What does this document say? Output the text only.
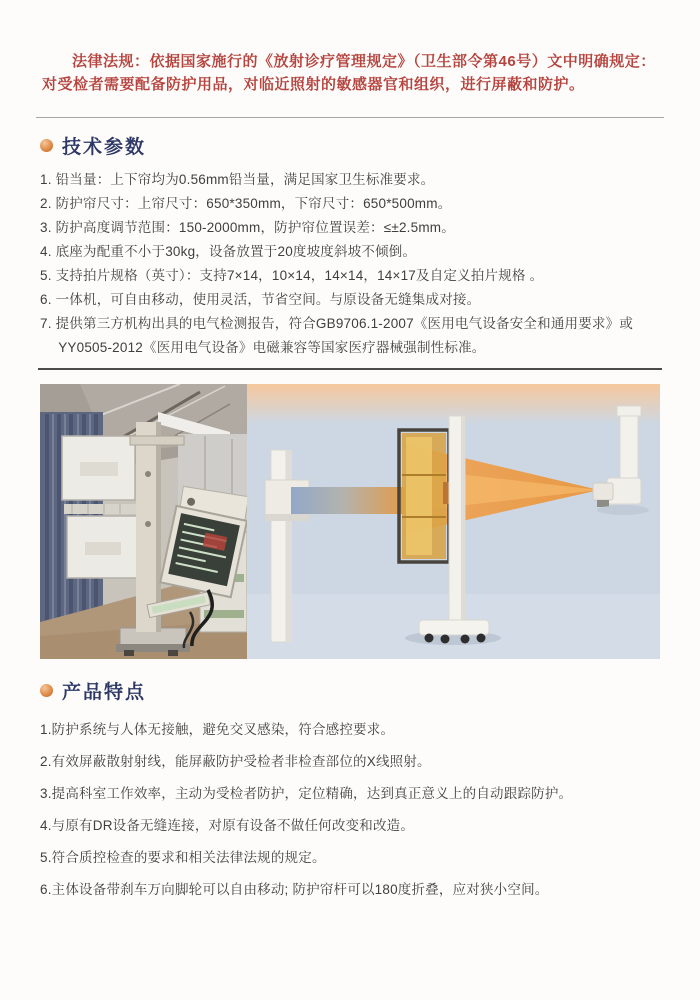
法律法规：依据国家施行的《放射诊疗管理规定》（卫生部令第46号）文中明确规定：对受检者需要配备防护用品，对临近照射的敏感器官和组织，进行屏蔽和防护。

技术参数
1. 铅当量：上下帘均为0.56mm铅当量，满足国家卫生标准要求。
2. 防护帘尺寸：上帘尺寸：650*350mm，下帘尺寸：650*500mm。
3. 防护高度调节范围：150-2000mm，防护帘位置误差：≤±2.5mm。
4. 底座为配重不小于30kg，设备放置于20度坡度斜坡不倾倒。
5. 支持拍片规格（英寸）：支持7×14，10×14，14×14，14×17及自定义拍片规格 。
6. 一体机，可自由移动，使用灵活，节省空间。与原设备无缝集成对接。
7. 提供第三方机构出具的电气检测报告，符合GB9706.1-2007《医用电气设备安全和通用要求》或YY0505-2012《医用电气设备》电磁兼容等国家医疗器械强制性标准。
产品特点
1.防护系统与人体无接触，避免交叉感染，符合感控要求。
2.有效屏蔽散射射线，能屏蔽防护受检者非检查部位的X线照射。
3.提高科室工作效率，主动为受检者防护，定位精确，达到真正意义上的自动跟踪防护。
4.与原有DR设备无缝连接，对原有设备不做任何改变和改造。
5.符合质控检查的要求和相关法律法规的规定。
6.主体设备带刹车万向脚轮可以自由移动; 防护帘杆可以180度折叠，应对狭小空间。
